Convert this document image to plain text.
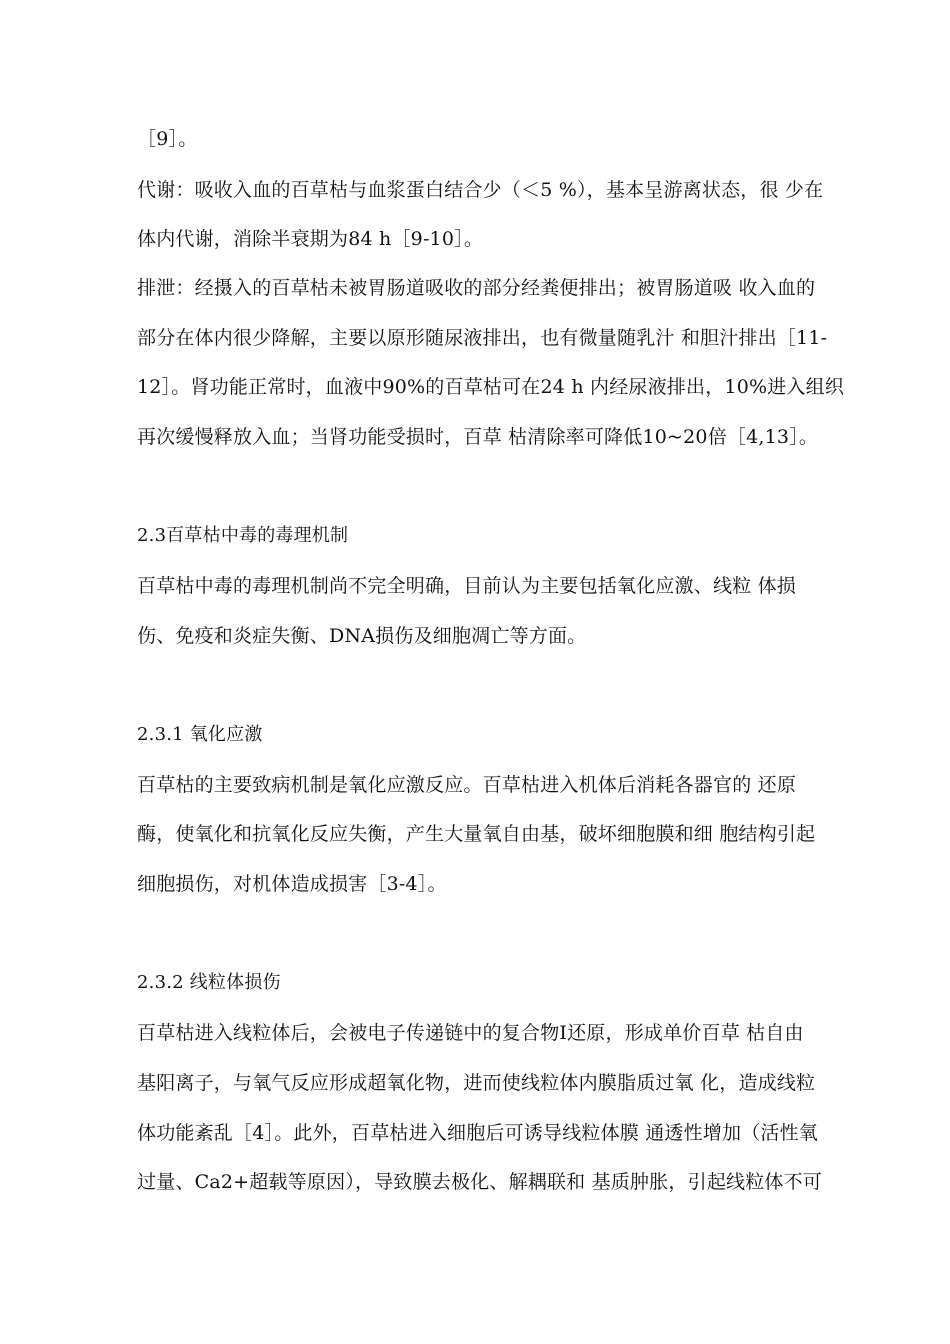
［9］。
代谢：吸收入血的百草枯与血浆蛋白结合少（＜5 %），基本呈游离状态，很 少在
体内代谢，消除半衰期为84 h［9-10］。
排泄：经摄入的百草枯未被胃肠道吸收的部分经粪便排出；被胃肠道吸 收入血的
部分在体内很少降解，主要以原形随尿液排出，也有微量随乳汁 和胆汁排出［11-
12］。肾功能正常时，血液中90%的百草枯可在24 h 内经尿液排出，10%进入组织
再次缓慢释放入血；当肾功能受损时，百草 枯清除率可降低10~20倍［4,13］。
2.3百草枯中毒的毒理机制
百草枯中毒的毒理机制尚不完全明确，目前认为主要包括氧化应激、线粒 体损
伤、免疫和炎症失衡、DNA损伤及细胞凋亡等方面。
2.3.1 氧化应激
百草枯的主要致病机制是氧化应激反应。百草枯进入机体后消耗各器官的 还原
酶，使氧化和抗氧化反应失衡，产生大量氧自由基，破坏细胞膜和细 胞结构引起
细胞损伤，对机体造成损害［3-4］。
2.3.2 线粒体损伤
百草枯进入线粒体后，会被电子传递链中的复合物Ⅰ还原，形成单价百草 枯自由
基阳离子，与氧气反应形成超氧化物，进而使线粒体内膜脂质过氧 化，造成线粒
体功能紊乱［4］。此外，百草枯进入细胞后可诱导线粒体膜 通透性增加（活性氧
过量、Ca2+超载等原因），导致膜去极化、解耦联和 基质肿胀，引起线粒体不可
